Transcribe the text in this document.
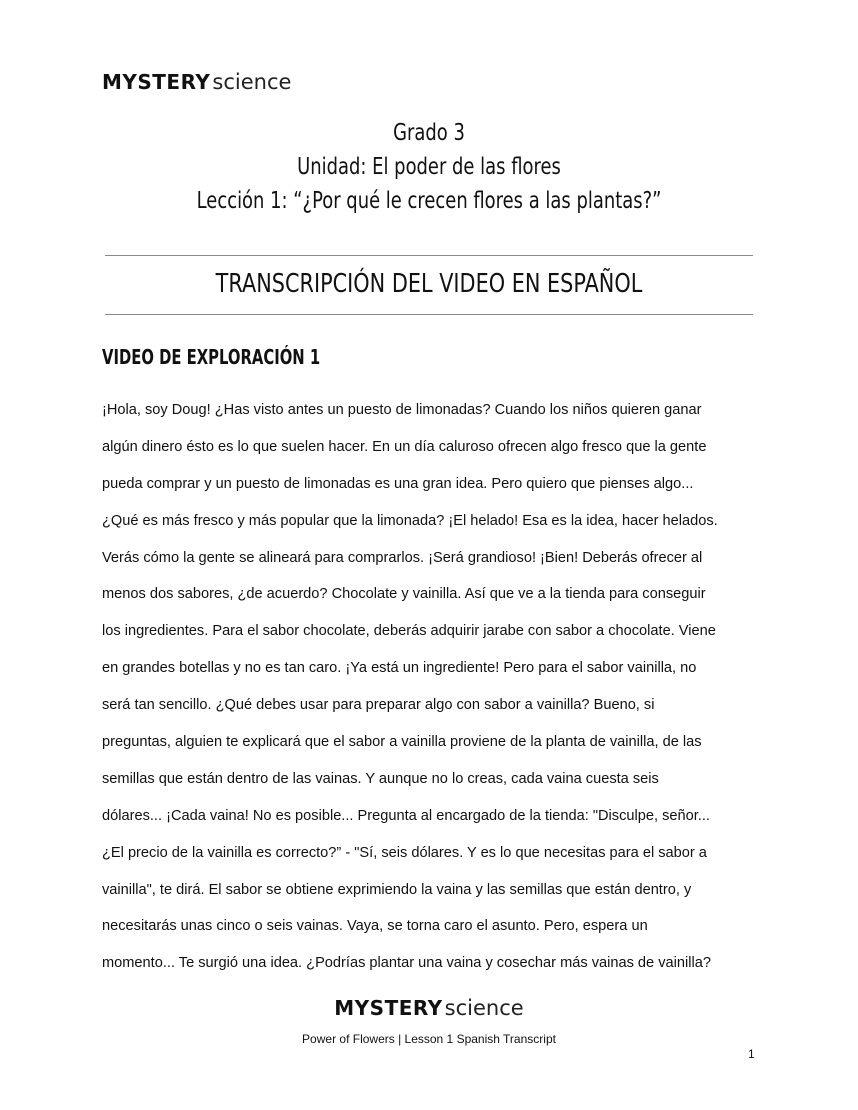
MYSTERY science
Grado 3
Unidad: El poder de las flores
Lección 1: “¿Por qué le crecen flores a las plantas?”
TRANSCRIPCIÓN DEL VIDEO EN ESPAÑOL
VIDEO DE EXPLORACIÓN 1
¡Hola, soy Doug! ¿Has visto antes un puesto de limonadas? Cuando los niños quieren ganar
algún dinero ésto es lo que suelen hacer. En un día caluroso ofrecen algo fresco que la gente
pueda comprar y un puesto de limonadas es una gran idea. Pero quiero que pienses algo...
¿Qué es más fresco y más popular que la limonada? ¡El helado! Esa es la idea, hacer helados.
Verás cómo la gente se alineará para comprarlos. ¡Será grandioso! ¡Bien! Deberás ofrecer al
menos dos sabores, ¿de acuerdo? Chocolate y vainilla. Así que ve a la tienda para conseguir
los ingredientes. Para el sabor chocolate, deberás adquirir jarabe con sabor a chocolate. Viene
en grandes botellas y no es tan caro. ¡Ya está un ingrediente! Pero para el sabor vainilla, no
será tan sencillo. ¿Qué debes usar para preparar algo con sabor a vainilla? Bueno, si
preguntas, alguien te explicará que el sabor a vainilla proviene de la planta de vainilla, de las
semillas que están dentro de las vainas. Y aunque no lo creas, cada vaina cuesta seis
dólares... ¡Cada vaina! No es posible... Pregunta al encargado de la tienda: "Disculpe, señor...
¿El precio de la vainilla es correcto?” - "Sí, seis dólares. Y es lo que necesitas para el sabor a
vainilla", te dirá. El sabor se obtiene exprimiendo la vaina y las semillas que están dentro, y
necesitarás unas cinco o seis vainas. Vaya, se torna caro el asunto. Pero, espera un
momento... Te surgió una idea. ¿Podrías plantar una vaina y cosechar más vainas de vainilla?
MYSTERY science
Power of Flowers | Lesson 1 Spanish Transcript
1
